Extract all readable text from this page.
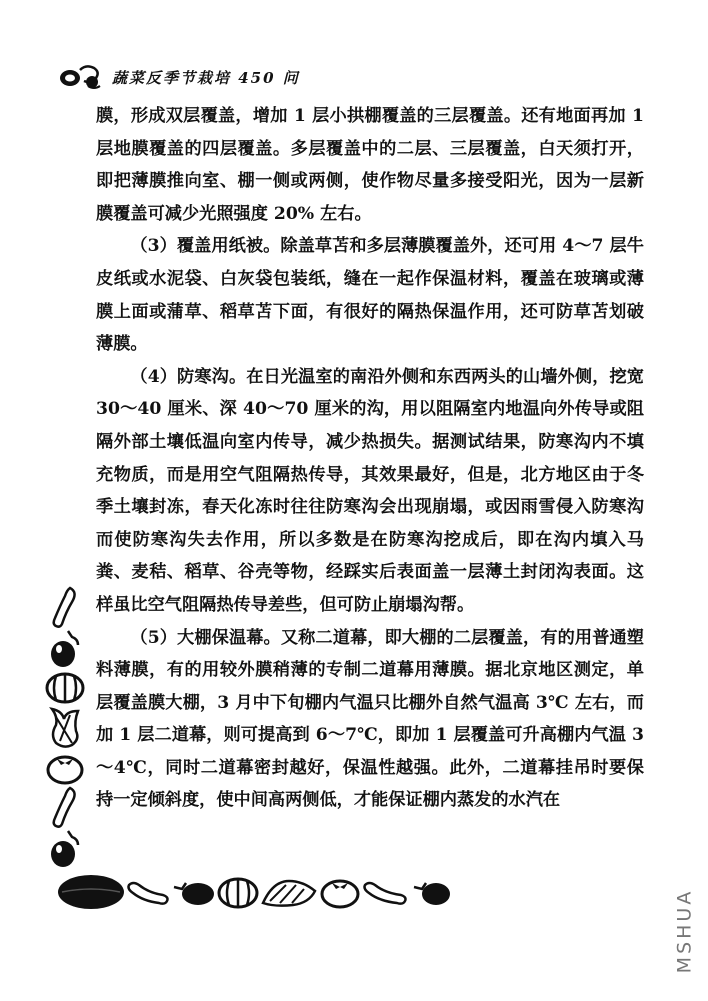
蔬菜反季节栽培 450 问

膜，形成双层覆盖，增加 1 层小拱棚覆盖的三层覆盖。还有地面再加 1 层地膜覆盖的四层覆盖。多层覆盖中的二层、三层覆盖，白天须打开，即把薄膜推向室、棚一侧或两侧，使作物尽量多接受阳光，因为一层新膜覆盖可减少光照强度 20% 左右。

（3）覆盖用纸被。除盖草苫和多层薄膜覆盖外，还可用 4～7 层牛皮纸或水泥袋、白灰袋包装纸，缝在一起作保温材料，覆盖在玻璃或薄膜上面或蒲草、稻草苫下面，有很好的隔热保温作用，还可防草苫划破薄膜。

（4）防寒沟。在日光温室的南沿外侧和东西两头的山墙外侧，挖宽 30～40 厘米、深 40～70 厘米的沟，用以阻隔室内地温向外传导或阻隔外部土壤低温向室内传导，减少热损失。据测试结果，防寒沟内不填充物质，而是用空气阻隔热传导，其效果最好，但是，北方地区由于冬季土壤封冻，春天化冻时往往防寒沟会出现崩塌，或因雨雪侵入防寒沟而使防寒沟失去作用，所以多数是在防寒沟挖成后，即在沟内填入马粪、麦秸、稻草、谷壳等物，经踩实后表面盖一层薄土封闭沟表面。这样虽比空气阻隔热传导差些，但可防止崩塌沟帮。

（5）大棚保温幕。又称二道幕，即大棚的二层覆盖，有的用普通塑料薄膜，有的用较外膜稍薄的专制二道幕用薄膜。据北京地区测定，单层覆盖膜大棚，3 月中下旬棚内气温只比棚外自然气温高 3℃ 左右，而加 1 层二道幕，则可提高到 6～7℃，即加 1 层覆盖可升高棚内气温 3～4℃，同时二道幕密封越好，保温性越强。此外，二道幕挂吊时要保持一定倾斜度，使中间高两侧低，才能保证棚内蒸发的水汽在

MSHUA
